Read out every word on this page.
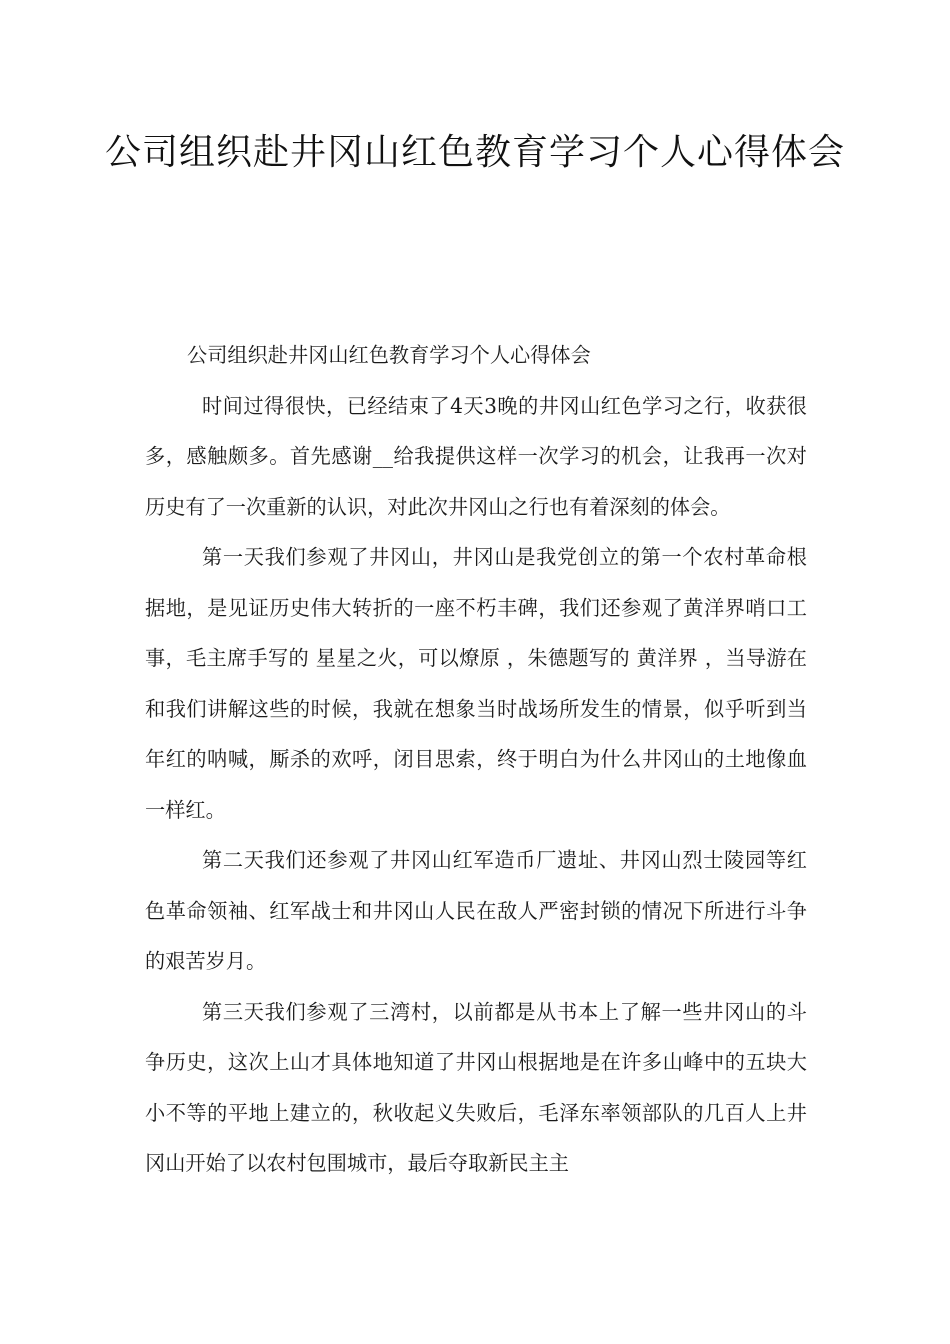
公司组织赴井冈山红色教育学习个人心得体会

公司组织赴井冈山红色教育学习个人心得体会

时间过得很快，已经结束了4天3晚的井冈山红色学习之行，收获很多，感触颇多。首先感谢__给我提供这样一次学习的机会，让我再一次对历史有了一次重新的认识，对此次井冈山之行也有着深刻的体会。

第一天我们参观了井冈山，井冈山是我党创立的第一个农村革命根据地，是见证历史伟大转折的一座不朽丰碑，我们还参观了黄洋界哨口工事，毛主席手写的 星星之火，可以燎原 ，朱德题写的 黄洋界 ，当导游在和我们讲解这些的时候，我就在想象当时战场所发生的情景，似乎听到当年红的呐喊，厮杀的欢呼，闭目思索，终于明白为什么井冈山的土地像血一样红。

第二天我们还参观了井冈山红军造币厂遗址、井冈山烈士陵园等红色革命领袖、红军战士和井冈山人民在敌人严密封锁的情况下所进行斗争的艰苦岁月。

第三天我们参观了三湾村，以前都是从书本上了解一些井冈山的斗争历史，这次上山才具体地知道了井冈山根据地是在许多山峰中的五块大小不等的平地上建立的，秋收起义失败后，毛泽东率领部队的几百人上井冈山开始了以农村包围城市，最后夺取新民主主
